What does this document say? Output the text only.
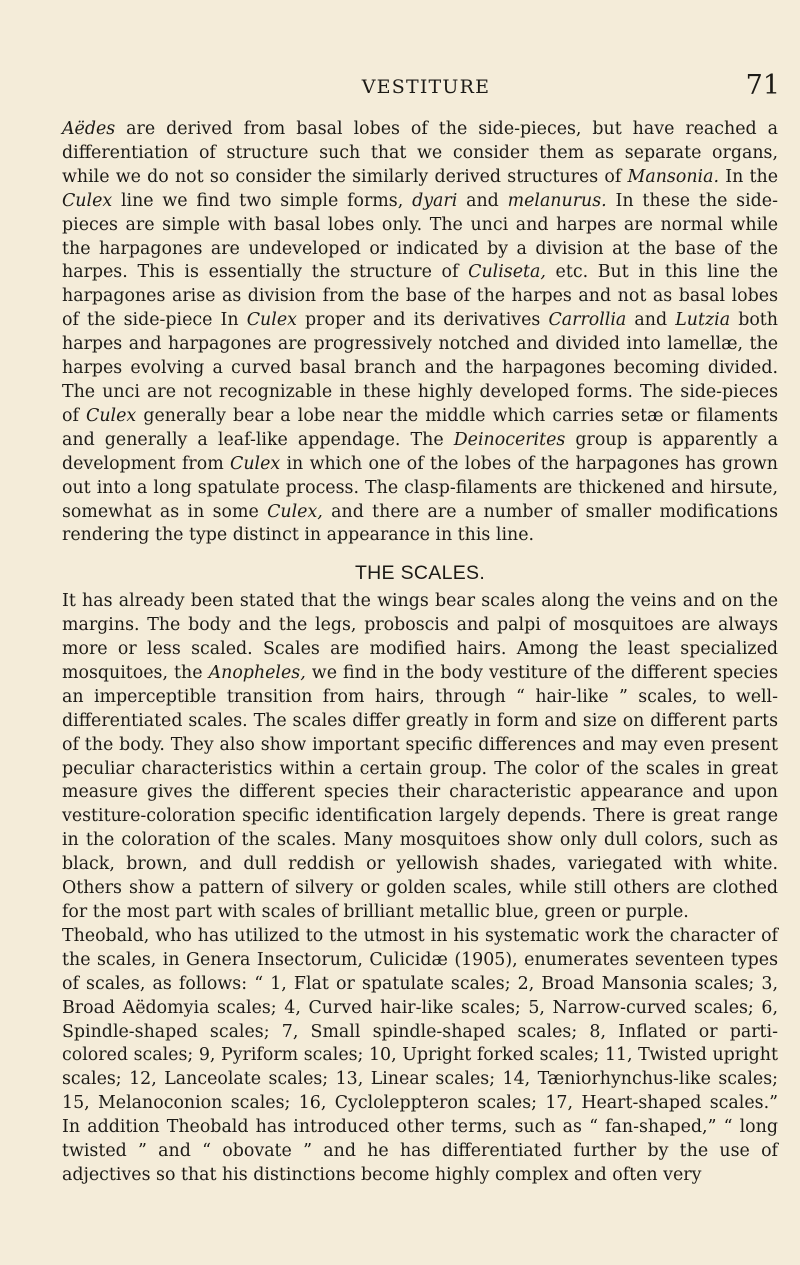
VESTITURE	71

Aëdes are derived from basal lobes of the side-pieces, but have reached a differentiation of structure such that we consider them as separate organs, while we do not so consider the similarly derived structures of Mansonia. In the Culex line we find two simple forms, dyari and melanurus. In these the side-pieces are simple with basal lobes only. The unci and harpes are normal while the harpagones are undeveloped or indicated by a division at the base of the harpes. This is essentially the structure of Culiseta, etc. But in this line the harpagones arise as division from the base of the harpes and not as basal lobes of the side-piece In Culex proper and its derivatives Carrollia and Lutzia both harpes and harpagones are progressively notched and divided into lamellæ, the harpes evolving a curved basal branch and the harpagones becoming divided. The unci are not recognizable in these highly developed forms. The side-pieces of Culex generally bear a lobe near the middle which carries setæ or filaments and generally a leaf-like appendage. The Deinocerites group is apparently a development from Culex in which one of the lobes of the harpagones has grown out into a long spatulate process. The clasp-filaments are thickened and hirsute, somewhat as in some Culex, and there are a number of smaller modifications rendering the type distinct in appearance in this line.

THE SCALES.

It has already been stated that the wings bear scales along the veins and on the margins. The body and the legs, proboscis and palpi of mosquitoes are always more or less scaled. Scales are modified hairs. Among the least specialized mosquitoes, the Anopheles, we find in the body vestiture of the different species an imperceptible transition from hairs, through “ hair-like ” scales, to well-differentiated scales. The scales differ greatly in form and size on different parts of the body. They also show important specific differences and may even present peculiar characteristics within a certain group. The color of the scales in great measure gives the different species their characteristic appearance and upon vestiture-coloration specific identification largely depends. There is great range in the coloration of the scales. Many mosquitoes show only dull colors, such as black, brown, and dull reddish or yellowish shades, variegated with white. Others show a pattern of silvery or golden scales, while still others are clothed for the most part with scales of brilliant metallic blue, green or purple.

Theobald, who has utilized to the utmost in his systematic work the character of the scales, in Genera Insectorum, Culicidæ (1905), enumerates seventeen types of scales, as follows: “ 1, Flat or spatulate scales; 2, Broad Mansonia scales; 3, Broad Aëdomyia scales; 4, Curved hair-like scales; 5, Narrow-curved scales; 6, Spindle-shaped scales; 7, Small spindle-shaped scales; 8, Inflated or parti-colored scales; 9, Pyriform scales; 10, Upright forked scales; 11, Twisted upright scales; 12, Lanceolate scales; 13, Linear scales; 14, Tæniorhynchus-like scales; 15, Melanoconion scales; 16, Cycloleppteron scales; 17, Heart-shaped scales.” In addition Theobald has introduced other terms, such as “ fan-shaped,” “ long twisted ” and “ obovate ” and he has differentiated further by the use of adjectives so that his distinctions become highly complex and often very
